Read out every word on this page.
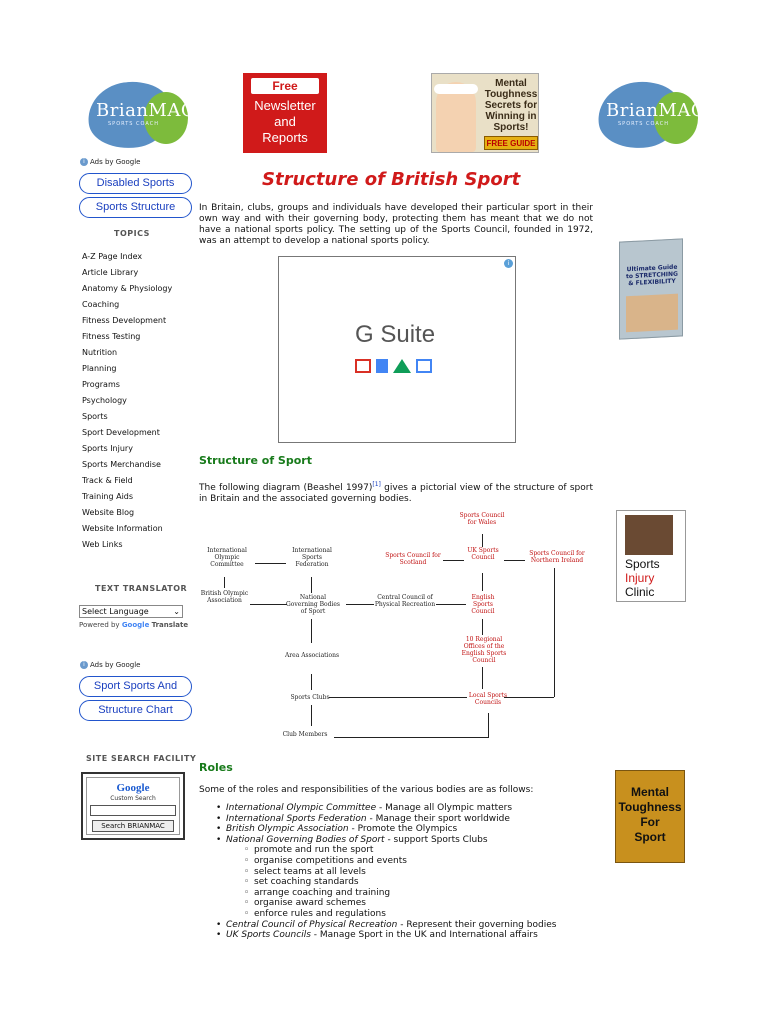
BrianMAC
SPORTS COACH
Free
Newsletter
and
Reports
Mental Toughness Secrets for Winning in Sports!
FREE GUIDE
BrianMAC
SPORTS COACH
i Ads by Google
Disabled Sports
Sports Structure
TOPICS
A-Z Page Index
Article Library
Anatomy & Physiology
Coaching
Fitness Development
Fitness Testing
Nutrition
Planning
Programs
Psychology
Sports
Sport Development
Sports Injury
Sports Merchandise
Track & Field
Training Aids
Website Blog
Website Information
Web Links
TEXT TRANSLATOR
Select Language	⌄
Powered by Google Translate
i Ads by Google
Sport Sports And
Structure Chart
SITE SEARCH FACILITY
Google
Custom Search
Search BRIANMAC
Structure of British Sport
In Britain, clubs, groups and individuals have developed their particular sport in their own way and with their governing body, protecting them has meant that we do not have a national sports policy. The setting up of the Sports Council, founded in 1972, was an attempt to develop a national sports policy.
i
G Suite
Structure of Sport
The following diagram (Beashel 1997)[1] gives a pictorial view of the structure of sport in Britain and the associated governing bodies.
International Olympic Committee
International Sports Federation
British Olympic Association	National Governing Bodies of Sport
Central Council of Physical Recreation
Sports Council for Wales
Sports Council for Scotland
UK Sports Council
Sports Council for Northern Ireland
English Sports Council
10 Regional Offices of the English Sports Council
Area Associations
Sports Clubs	Local Sports Councils
Club Members
Roles
Some of the roles and responsibilities of the various bodies are as follows:
• International Olympic Committee - Manage all Olympic matters
• International Sports Federation - Manage their sport worldwide
• British Olympic Association - Promote the Olympics
• National Governing Bodies of Sport - support Sports Clubs
◦ promote and run the sport
◦ organise competitions and events
◦ select teams at all levels
◦ set coaching standards
◦ arrange coaching and training
◦ organise award schemes
◦ enforce rules and regulations
• Central Council of Physical Recreation - Represent their governing bodies
• UK Sports Councils - Manage Sport in the UK and International affairs
Ultimate Guide to STRETCHING & FLEXIBILITY
Sports
Injury
Clinic
Mental
Toughness
For
Sport
